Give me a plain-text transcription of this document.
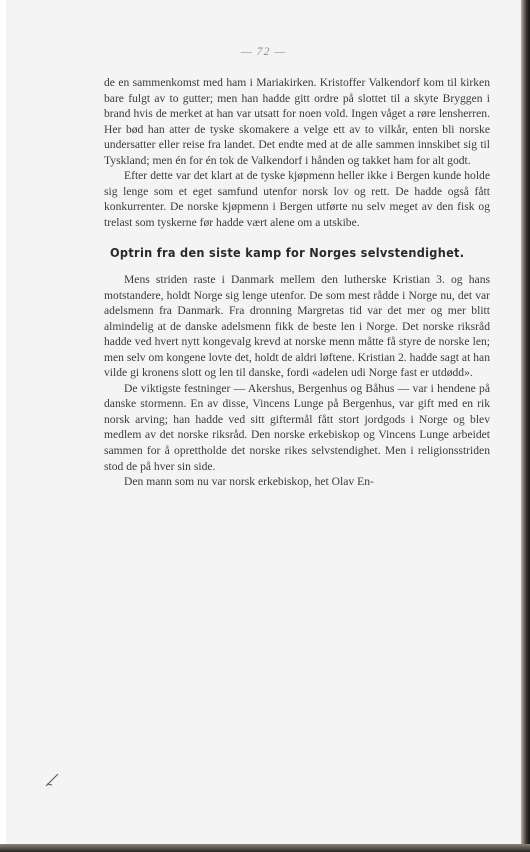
— 72 —

de en sammenkomst med ham i Mariakirken. Kristoffer Valkendorf kom til kirken bare fulgt av to gutter; men han hadde gitt ordre på slottet til a skyte Bryggen i brand hvis de merket at han var utsatt for noen vold. Ingen våget a røre lensherren. Her bød han atter de tyske skomakere a velge ett av to vilkår, enten bli norske undersatter eller reise fra landet. Det endte med at de alle sammen innskibet sig til Tyskland; men én for én tok de Valkendorf i hånden og takket ham for alt godt.

Efter dette var det klart at de tyske kjøpmenn heller ikke i Bergen kunde holde sig lenge som et eget samfund utenfor norsk lov og rett. De hadde også fått konkurrenter. De norske kjøpmenn i Bergen utførte nu selv meget av den fisk og trelast som tyskerne før hadde vært alene om a utskibe.

Optrin fra den siste kamp for Norges selvstendighet.

Mens striden raste i Danmark mellem den lutherske Kristian 3. og hans motstandere, holdt Norge sig lenge utenfor. De som mest rådde i Norge nu, det var adelsmenn fra Danmark. Fra dronning Margretas tid var det mer og mer blitt almindelig at de danske adelsmenn fikk de beste len i Norge. Det norske riksråd hadde ved hvert nytt kongevalg krevd at norske menn måtte få styre de norske len; men selv om kongene lovte det, holdt de aldri løftene. Kristian 2. hadde sagt at han vilde gi kronens slott og len til danske, fordi «adelen udi Norge fast er utdødd».

De viktigste festninger — Akershus, Bergenhus og Båhus — var i hendene på danske stormenn. En av disse, Vincens Lunge på Bergenhus, var gift med en rik norsk arving; han hadde ved sitt giftermål fått stort jordgods i Norge og blev medlem av det norske riksråd. Den norske erkebiskop og Vincens Lunge arbeidet sammen for å oprettholde det norske rikes selvstendighet. Men i religionsstriden stod de på hver sin side.

Den mann som nu var norsk erkebiskop, het Olav En-
